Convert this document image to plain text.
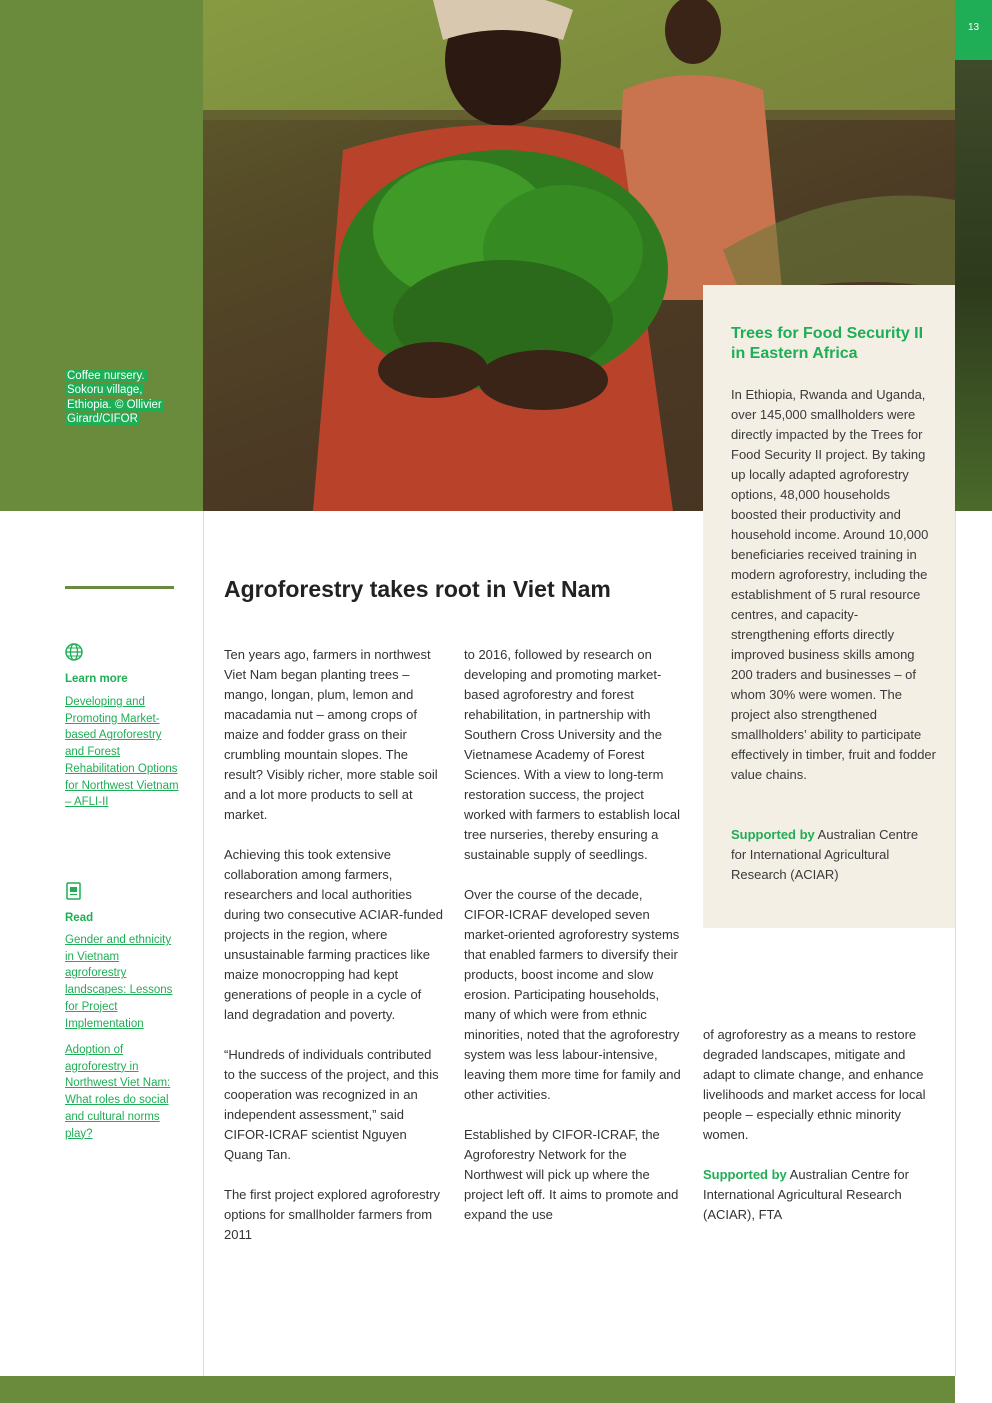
Coffee nursery. Sokoru village, Ethiopia. © Ollivier Girard/CIFOR
13
Trees for Food Security II in Eastern Africa
In Ethiopia, Rwanda and Uganda, over 145,000 smallholders were directly impacted by the Trees for Food Security II project. By taking up locally adapted agroforestry options, 48,000 households boosted their productivity and household income. Around 10,000 beneficiaries received training in modern agroforestry, including the establishment of 5 rural resource centres, and capacity-strengthening efforts directly improved business skills among 200 traders and businesses – of whom 30% were women. The project also strengthened smallholders’ ability to participate effectively in timber, fruit and fodder value chains.
Supported by Australian Centre for International Agricultural Research (ACIAR)
Learn more
Developing and Promoting Market-based Agroforestry and Forest Rehabilitation Options for Northwest Vietnam – AFLI-II
Read
Gender and ethnicity in Vietnam agroforestry landscapes: Lessons for Project Implementation
Adoption of agroforestry in Northwest Viet Nam: What roles do social and cultural norms play?
Agroforestry takes root in Viet Nam

Ten years ago, farmers in northwest Viet Nam began planting trees – mango, longan, plum, lemon and macadamia nut – among crops of maize and fodder grass on their crumbling mountain slopes. The result? Visibly richer, more stable soil and a lot more products to sell at market.

Achieving this took extensive collaboration among farmers, researchers and local authorities during two consecutive ACIAR-funded projects in the region, where unsustainable farming practices like maize monocropping had kept generations of people in a cycle of land degradation and poverty.

“Hundreds of individuals contributed to the success of the project, and this cooperation was recognized in an independent assessment,” said CIFOR-ICRAF scientist Nguyen Quang Tan.

The first project explored agroforestry options for smallholder farmers from 2011

to 2016, followed by research on developing and promoting market-based agroforestry and forest rehabilitation, in partnership with Southern Cross University and the Vietnamese Academy of Forest Sciences. With a view to long-term restoration success, the project worked with farmers to establish local tree nurseries, thereby ensuring a sustainable supply of seedlings.

Over the course of the decade, CIFOR-ICRAF developed seven market-oriented agroforestry systems that enabled farmers to diversify their products, boost income and slow erosion. Participating households, many of which were from ethnic minorities, noted that the agroforestry system was less labour-intensive, leaving them more time for family and other activities.

Established by CIFOR-ICRAF, the Agroforestry Network for the Northwest will pick up where the project left off. It aims to promote and expand the use

of agroforestry as a means to restore degraded landscapes, mitigate and adapt to climate change, and enhance livelihoods and market access for local people – especially ethnic minority women.

Supported by Australian Centre for International Agricultural Research (ACIAR), FTA
